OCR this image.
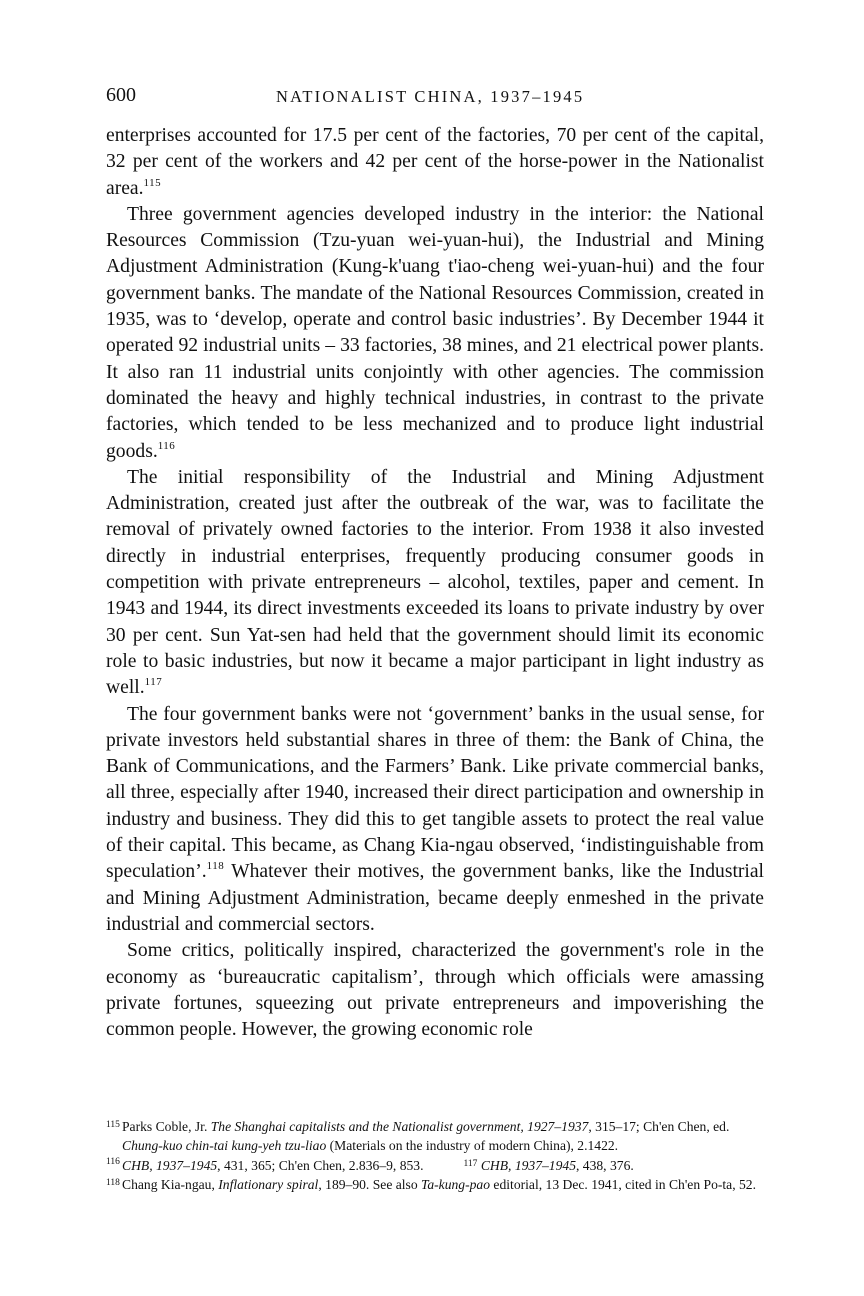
600	NATIONALIST CHINA, 1937–1945

enterprises accounted for 17.5 per cent of the factories, 70 per cent of the capital, 32 per cent of the workers and 42 per cent of the horse-power in the Nationalist area.$^{115}$

Three government agencies developed industry in the interior: the National Resources Commission (Tzu-yuan wei-yuan-hui), the Industrial and Mining Adjustment Administration (Kung-k'uang t'iao-cheng wei-yuan-hui) and the four government banks. The mandate of the National Resources Commission, created in 1935, was to ‘develop, operate and control basic industries’. By December 1944 it operated 92 industrial units – 33 factories, 38 mines, and 21 electrical power plants. It also ran 11 industrial units conjointly with other agencies. The commission dominated the heavy and highly technical industries, in contrast to the private factories, which tended to be less mechanized and to produce light industrial goods.$^{116}$

The initial responsibility of the Industrial and Mining Adjustment Administration, created just after the outbreak of the war, was to facilitate the removal of privately owned factories to the interior. From 1938 it also invested directly in industrial enterprises, frequently producing consumer goods in competition with private entrepreneurs – alcohol, textiles, paper and cement. In 1943 and 1944, its direct investments exceeded its loans to private industry by over 30 per cent. Sun Yat-sen had held that the government should limit its economic role to basic industries, but now it became a major participant in light industry as well.$^{117}$

The four government banks were not ‘government’ banks in the usual sense, for private investors held substantial shares in three of them: the Bank of China, the Bank of Communications, and the Farmers’ Bank. Like private commercial banks, all three, especially after 1940, increased their direct participation and ownership in industry and business. They did this to get tangible assets to protect the real value of their capital. This became, as Chang Kia-ngau observed, ‘indistinguishable from speculation’.$^{118}$ Whatever their motives, the government banks, like the Industrial and Mining Adjustment Administration, became deeply enmeshed in the private industrial and commercial sectors.

Some critics, politically inspired, characterized the government's role in the economy as ‘bureaucratic capitalism’, through which officials were amassing private fortunes, squeezing out private entrepreneurs and impoverishing the common people. However, the growing economic role

115 Parks Coble, Jr. The Shanghai capitalists and the Nationalist government, 1927–1937, 315–17; Ch'en Chen, ed. Chung-kuo chin-tai kung-yeh tzu-liao (Materials on the industry of modern China), 2.1422.
116 CHB, 1937–1945, 431, 365; Ch'en Chen, 2.836–9, 853.	$^{117}$ CHB, 1937–1945, 438, 376.
118 Chang Kia-ngau, Inflationary spiral, 189–90. See also Ta-kung-pao editorial, 13 Dec. 1941, cited in Ch'en Po-ta, 52.
